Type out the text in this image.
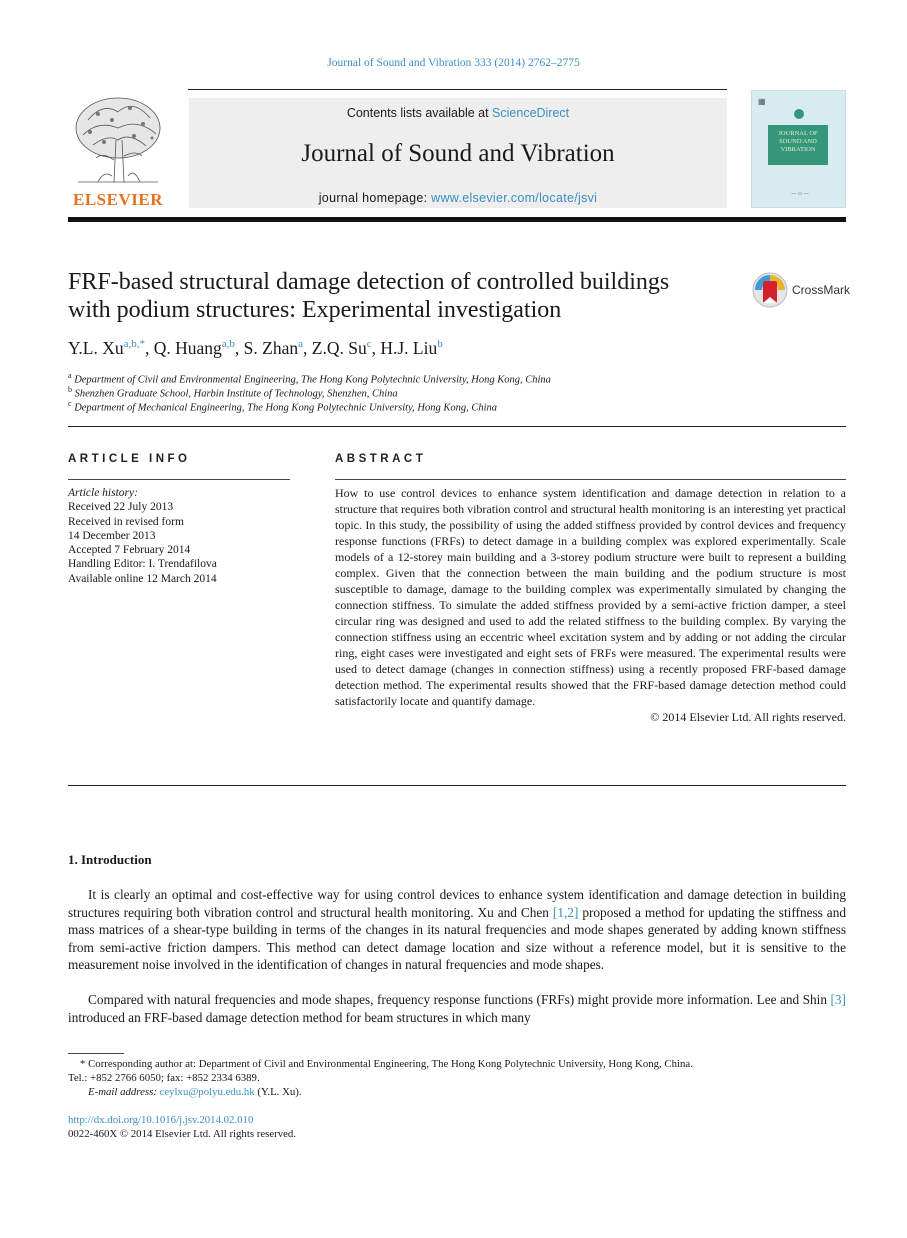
Journal of Sound and Vibration 333 (2014) 2762–2775
ELSEVIER
Contents lists available at ScienceDirect
Journal of Sound and Vibration
journal homepage: www.elsevier.com/locate/jsvi
▦
JOURNAL OF SOUND AND VIBRATION
— ▭ —
FRF-based structural damage detection of controlled buildings
with podium structures: Experimental investigation
CrossMark
Y.L. $Xu^{a,b,*}$, Q. Huang$^{a,b}$, S. Zhan$^a$, Z.Q. Su$^c$, H.J. Liu$^b$
$^a$ Department of Civil and Environmental Engineering, The Hong Kong Polytechnic University, Hong Kong, China
$^b$ Shenzhen Graduate School, Harbin Institute of Technology, Shenzhen, China
$^c$ Department of Mechanical Engineering, The Hong Kong Polytechnic University, Hong Kong, China
ARTICLE INFO
Article history:
Received 22 July 2013
Received in revised form
14 December 2013
Accepted 7 February 2014
Handling Editor: I. Trendafilova
Available online 12 March 2014
ABSTRACT
How to use control devices to enhance system identification and damage detection in relation to a structure that requires both vibration control and structural health monitoring is an interesting yet practical topic. In this study, the possibility of using the added stiffness provided by control devices and frequency response functions (FRFs) to detect damage in a building complex was explored experimentally. Scale models of a 12-storey main building and a 3-storey podium structure were built to represent a building complex. Given that the connection between the main building and the podium structure is most susceptible to damage, damage to the building complex was experimentally simulated by changing the connection stiffness. To simulate the added stiffness provided by a semi-active friction damper, a steel circular ring was designed and used to add the related stiffness to the building complex. By varying the connection stiffness using an eccentric wheel excitation system and by adding or not adding the circular ring, eight cases were investigated and eight sets of FRFs were measured. The experimental results were used to detect damage (changes in connection stiffness) using a recently proposed FRF-based damage detection method. The experimental results showed that the FRF-based damage detection method could satisfactorily locate and quantify damage.
© 2014 Elsevier Ltd. All rights reserved.
1. Introduction
It is clearly an optimal and cost-effective way for using control devices to enhance system identification and damage detection in building structures requiring both vibration control and structural health monitoring. Xu and Chen [1,2] proposed a method for updating the stiffness and mass matrices of a shear-type building in terms of the changes in its natural frequencies and mode shapes generated by adding known stiffness from semi-active friction dampers. This method can detect damage location and size without a reference model, but it is sensitive to the measurement noise involved in the identification of changes in natural frequencies and mode shapes.
Compared with natural frequencies and mode shapes, frequency response functions (FRFs) might provide more information. Lee and Shin [3] introduced an FRF-based damage detection method for beam structures in which many
* Corresponding author at: Department of Civil and Environmental Engineering, The Hong Kong Polytechnic University, Hong Kong, China.
Tel.: +852 2766 6050; fax: +852 2334 6389.
E-mail address: ceylxu@polyu.edu.hk (Y.L. Xu).
http://dx.doi.org/10.1016/j.jsv.2014.02.010
0022-460X © 2014 Elsevier Ltd. All rights reserved.
